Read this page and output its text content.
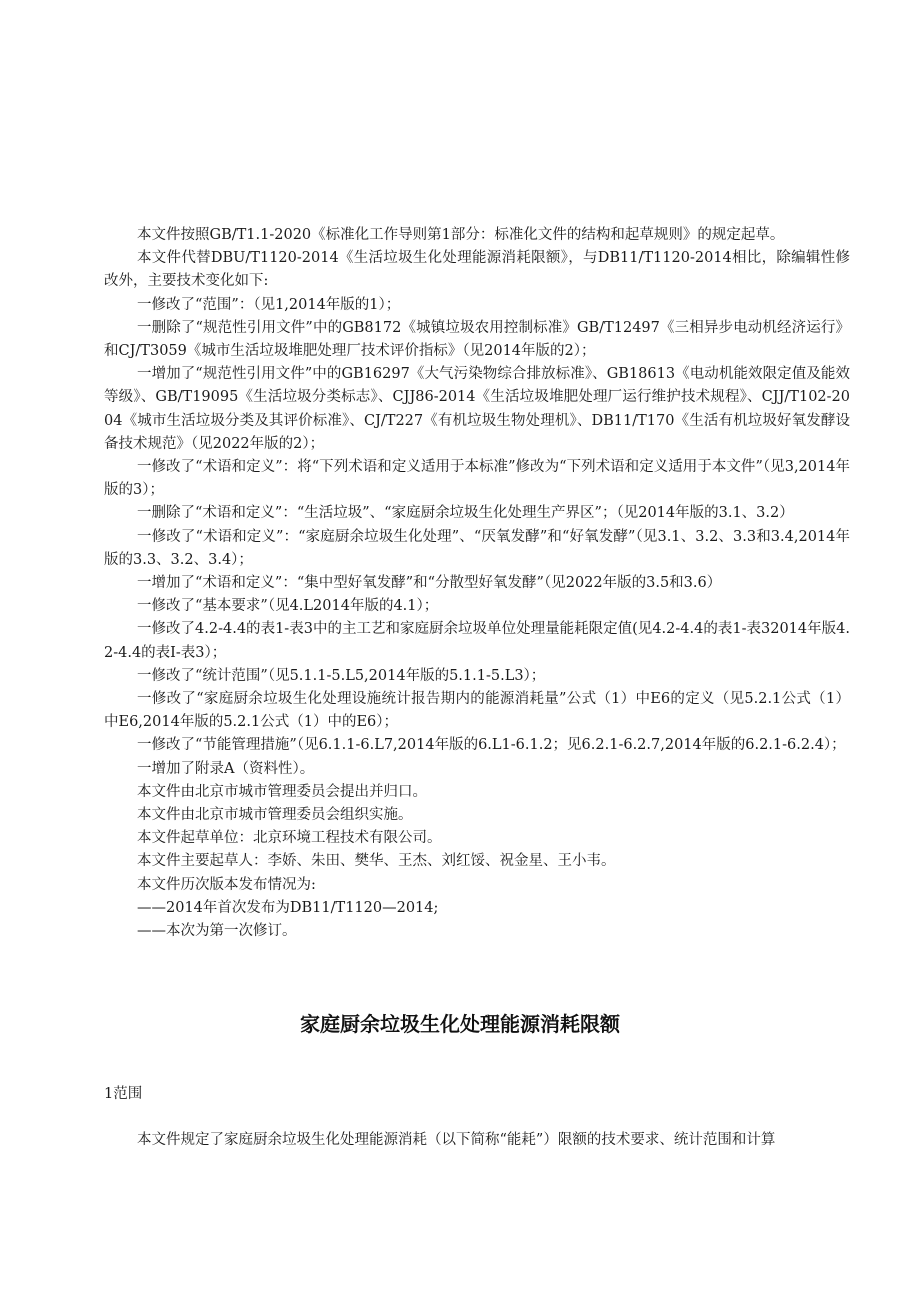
本文件按照GB/T1.1-2020《标准化工作导则第1部分：标准化文件的结构和起草规则》的规定起草。

本文件代替DBU/T1120-2014《生活垃圾生化处理能源消耗限额》，与DB11/T1120-2014相比，除编辑性修改外，主要技术变化如下:

一修改了“范围”：（见1,2014年版的1）；

一删除了“规范性引用文件”中的GB8172《城镇垃圾农用控制标准》GB/T12497《三相异步电动机经济运行》和CJ/T3059《城市生活垃圾堆肥处理厂技术评价指标》（见2014年版的2）；

一增加了“规范性引用文件”中的GB16297《大气污染物综合排放标准》、GB18613《电动机能效限定值及能效等级》、GB/T19095《生活垃圾分类标志》、CJJ86-2014《生活垃圾堆肥处理厂运行维护技术规程》、CJJ/T102-2004《城市生活垃圾分类及其评价标准》、CJ/T227《有机垃圾生物处理机》、DB11/T170《生活有机垃圾好氧发酵设备技术规范》（见2022年版的2）；

一修改了“术语和定义”：将“下列术语和定义适用于本标准”修改为“下列术语和定义适用于本文件”（见3,2014年版的3）；

一删除了“术语和定义”：“生活垃圾”、“家庭厨余垃圾生化处理生产界区”；（见2014年版的3.1、3.2）

一修改了“术语和定义”：“家庭厨余垃圾生化处理”、“厌氧发酵”和“好氧发酵”（见3.1、3.2、3.3和3.4,2014年版的3.3、3.2、3.4）；

一增加了“术语和定义”：“集中型好氧发酵”和“分散型好氧发酵”（见2022年版的3.5和3.6）

一修改了“基本要求”（见4.L2014年版的4.1）；

一修改了4.2-4.4的表1-表3中的主工艺和家庭厨余垃圾单位处理量能耗限定值(见4.2-4.4的表1-表32014年版4.2-4.4的表I-表3）；

一修改了“统计范围”（见5.1.1-5.L5,2014年版的5.1.1-5.L3）；

一修改了“家庭厨余垃圾生化处理设施统计报告期内的能源消耗量”公式（1）中E6的定义（见5.2.1公式（1）中E6,2014年版的5.2.1公式（1）中的E6）；

一修改了“节能管理措施”（见6.1.1-6.L7,2014年版的6.L1-6.1.2；见6.2.1-6.2.7,2014年版的6.2.1-6.2.4）；

一增加了附录A（资料性）。

本文件由北京市城市管理委员会提出并归口。

本文件由北京市城市管理委员会组织实施。

本文件起草单位：北京环境工程技术有限公司。

本文件主要起草人：李娇、朱田、樊华、王杰、刘红馁、祝金星、王小韦。

本文件历次版本发布情况为:

——2014年首次发布为DB11/T1120—2014;

——本次为第一次修订。

家庭厨余垃圾生化处理能源消耗限额

1范围

本文件规定了家庭厨余垃圾生化处理能源消耗（以下简称“能耗”）限额的技术要求、统计范围和计算
